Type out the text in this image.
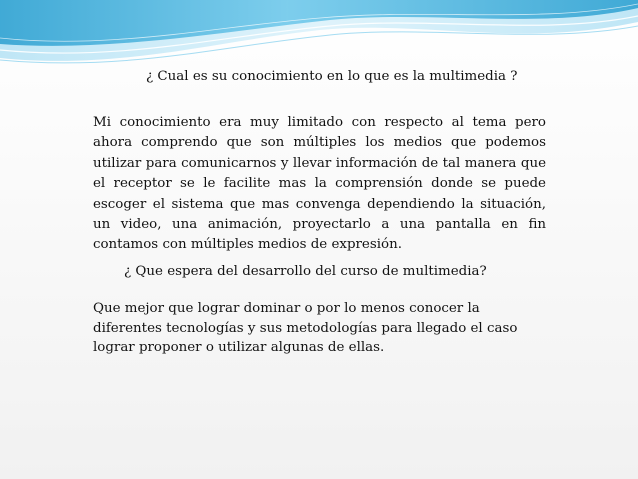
¿ Cual es su conocimiento en lo que es la multimedia ?

Mi conocimiento era muy limitado con respecto al tema pero ahora comprendo que son múltiples los medios que podemos utilizar para comunicarnos y llevar información de tal manera que el receptor se le facilite mas la comprensión donde se puede escoger el sistema que mas convenga dependiendo la situación, un video, una animación, proyectarlo a una pantalla en fin contamos con múltiples medios de expresión.

¿ Que espera del desarrollo del curso de multimedia?

Que mejor que lograr dominar o por lo menos conocer la diferentes tecnologías y sus metodologías para llegado el caso lograr proponer o utilizar algunas de ellas.
